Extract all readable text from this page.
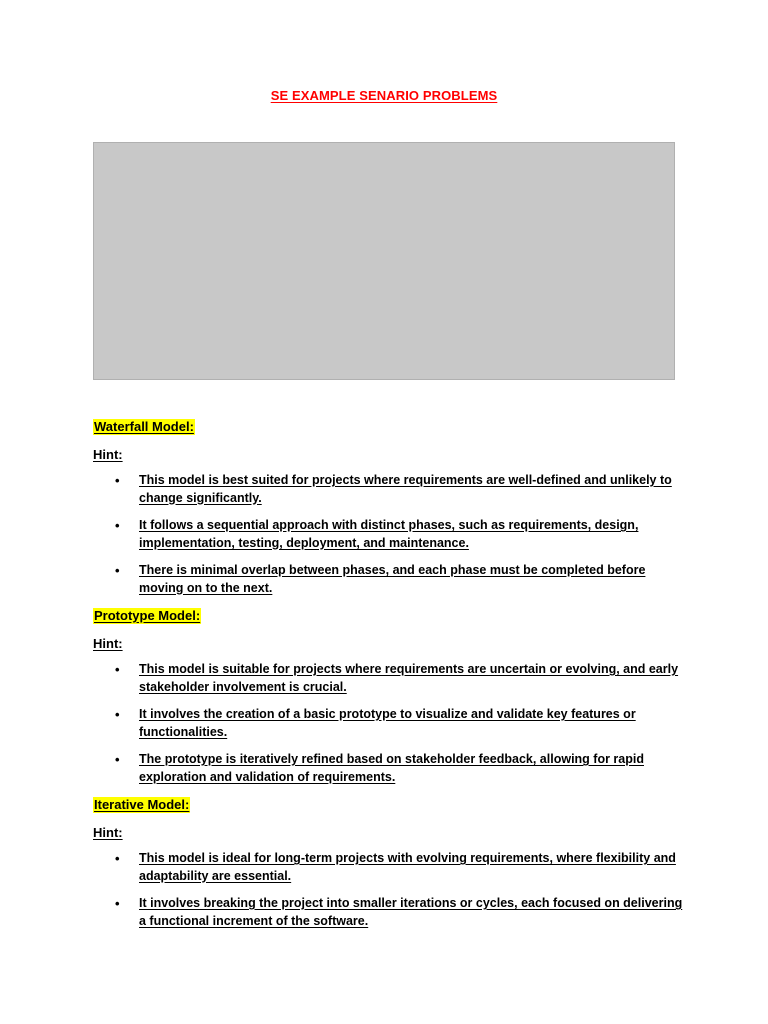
SE EXAMPLE SENARIO PROBLEMS
Waterfall Model:
Hint:
• This model is best suited for projects where requirements are well-defined and unlikely to change significantly.
• It follows a sequential approach with distinct phases, such as requirements, design, implementation, testing, deployment, and maintenance.
• There is minimal overlap between phases, and each phase must be completed before moving on to the next.
Prototype Model:
Hint:
• This model is suitable for projects where requirements are uncertain or evolving, and early stakeholder involvement is crucial.
• It involves the creation of a basic prototype to visualize and validate key features or functionalities.
• The prototype is iteratively refined based on stakeholder feedback, allowing for rapid exploration and validation of requirements.
Iterative Model:
Hint:
• This model is ideal for long-term projects with evolving requirements, where flexibility and adaptability are essential.
• It involves breaking the project into smaller iterations or cycles, each focused on delivering a functional increment of the software.
